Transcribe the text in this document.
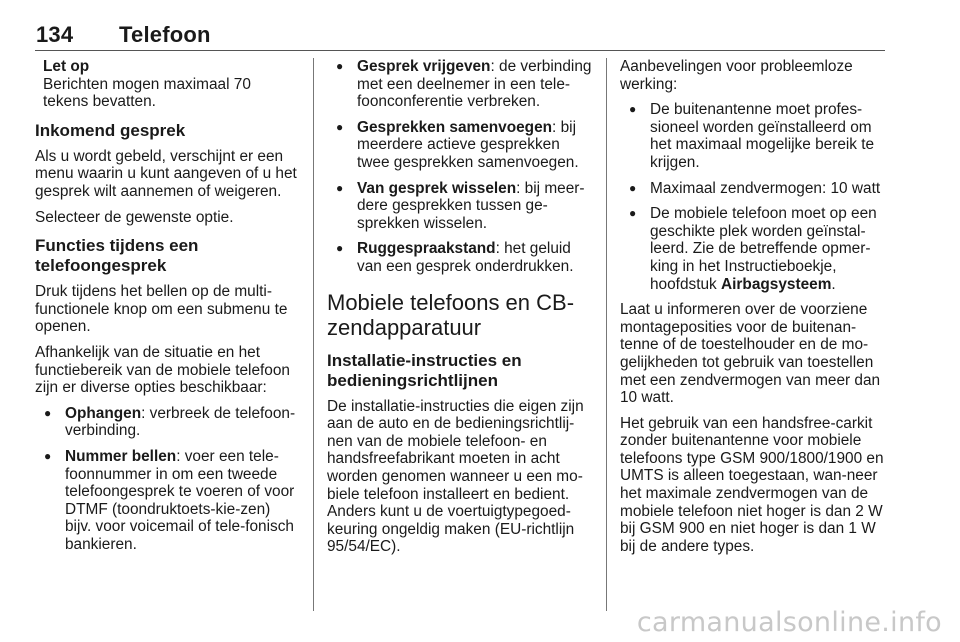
134 Telefoon
Let op
Berichten mogen maximaal 70 tekens bevatten.
Inkomend gesprek

Als u wordt gebeld, verschijnt er een menu waarin u kunt aangeven of u het gesprek wilt aannemen of weigeren.

Selecteer de gewenste optie.

Functies tijdens een telefoongesprek

Druk tijdens het bellen op de multi-functionele knop om een submenu te openen.

Afhankelijk van de situatie en het functiebereik van de mobiele telefoon zijn er diverse opties beschikbaar:

● Ophangen: verbreek de telefoon-verbinding.
● Nummer bellen: voer een tele-foonnummer in om een tweede telefoongesprek te voeren of voor DTMF (toondruktoets-kie-zen) bijv. voor voicemail of tele-fonisch bankieren.
● Gesprek vrijgeven: de verbinding met een deelnemer in een tele-foonconferentie verbreken.
● Gesprekken samenvoegen: bij meerdere actieve gesprekken twee gesprekken samenvoegen.
● Van gesprek wisselen: bij meer-dere gesprekken tussen ge-sprekken wisselen.
● Ruggespraakstand: het geluid van een gesprek onderdrukken.
Mobiele telefoons en CB-zendapparatuur
Installatie-instructies en bedieningsrichtlijnen

De installatie-instructies die eigen zijn aan de auto en de bedieningsrichtlij-nen van de mobiele telefoon- en handsfreefabrikant moeten in acht worden genomen wanneer u een mo-biele telefoon installeert en bedient. Anders kunt u de voertuigtypegoed-keuring ongeldig maken (EU-richtlijn 95/54/EC).

Aanbevelingen voor probleemloze werking:

● De buitenantenne moet profes-sioneel worden geïnstalleerd om het maximaal mogelijke bereik te krijgen.
● Maximaal zendvermogen: 10 watt
● De mobiele telefoon moet op een geschikte plek worden geïnstal-leerd. Zie de betreffende opmer-king in het Instructieboekje, hoofdstuk Airbagsysteem.

Laat u informeren over de voorziene montageposities voor de buitenan-tenne of de toestelhouder en de mo-gelijkheden tot gebruik van toestellen met een zendvermogen van meer dan 10 watt.

Het gebruik van een handsfree-carkit zonder buitenantenne voor mobiele telefoons type GSM 900/1800/1900 en UMTS is alleen toegestaan, wan-neer het maximale zendvermogen van de mobiele telefoon niet hoger is dan 2 W bij GSM 900 en niet hoger is dan 1 W bij de andere types.

carmanualsonline.info
